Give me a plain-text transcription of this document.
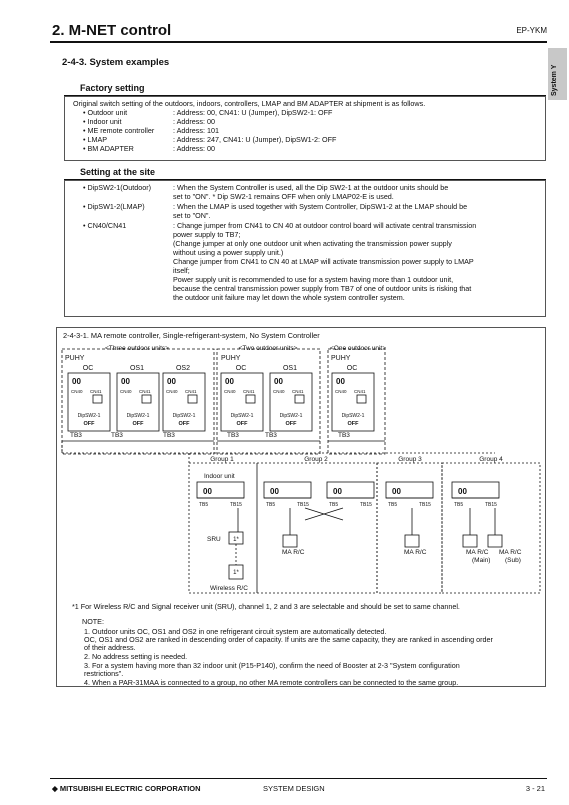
2. M-NET control	EP-YKM
System Y
2-4-3. System examples
Factory setting
Original switch setting of the outdoors, indoors, controllers, LMAP and BM ADAPTER at shipment is as follows.
• Outdoor unit	: Address: 00, CN41: U (Jumper), DipSW2-1: OFF
• Indoor unit	: Address: 00
• ME remote controller	: Address: 101
• LMAP	: Address: 247, CN41: U (Jumper), DipSW1-2: OFF
• BM ADAPTER	: Address: 00
Setting at the site
• DipSW2-1(Outdoor)	: When the System Controller is used, all the Dip SW2-1 at the outdoor units should be
set to "ON". * Dip SW2-1 remains OFF when only LMAP02-E is used.
• DipSW1-2(LMAP)	: When the LMAP is used together with System Controller, DipSW1-2 at the LMAP should be
set to "ON".
• CN40/CN41	: Change jumper from CN41 to CN 40 at outdoor control board will activate central transmission
power supply to TB7;
(Change jumper at only one outdoor unit when activating the transmission power supply
without using a power supply unit.)
Change jumper from CN41 to CN 40 at LMAP will activate transmission power supply to LMAP
itself;
Power supply unit is recommended to use for a system having more than 1 outdoor unit,
because the central transmission power supply from TB7 of one of outdoor units is risking that
the outdoor unit failure may let down the whole system controller system.
2-4-3-1. MA remote controller, Single-refrigerant-system, No System Controller
<Three outdoor units>	<Two outdoor units>	<One outdoor unit>
PUHY	PUHY	PUHY
OC
00
CN40 CN41
DipSW2-1
OFF
OS1
00
CN40 CN41
DipSW2-1
OFF
OS2
00
CN40 CN41
DipSW2-1
OFF
OC
00
CN40 CN41
DipSW2-1
OFF
OS1
00
CN40 CN41
DipSW2-1
OFF
OC
00
CN40 CN41
DipSW2-1
OFF
TB3	TB3	TB3	TB3	TB3	TB3
Group 1	Group 2	Group 3	Group 4
Indoor unit
00
TB5	TB15
00
TB5	TB15
00
TB5	TB15
00
TB5	TB15
00
TB5	TB15
1*
SRU
1*
Wireless R/C
MA R/C	MA R/C	MA R/C
(Main)
MA R/C
(Sub)
*1 For Wireless R/C and Signal receiver unit (SRU), channel 1, 2 and 3 are selectable and should be set to same channel.
NOTE:
1. Outdoor units OC, OS1 and OS2 in one refrigerant circuit system are automatically detected.
OC, OS1 and OS2 are ranked in descending order of capacity. If units are the same capacity, they are ranked in ascending order
of their address.
2. No address setting is needed.
3. For a system having more than 32 indoor unit (P15-P140), confirm the need of Booster at 2-3 "System configuration
restrictions".
4. When a PAR-31MAA is connected to a group, no other MA remote controllers can be connected to the same group.
◆ MITSUBISHI ELECTRIC CORPORATION	SYSTEM DESIGN	3 - 21
